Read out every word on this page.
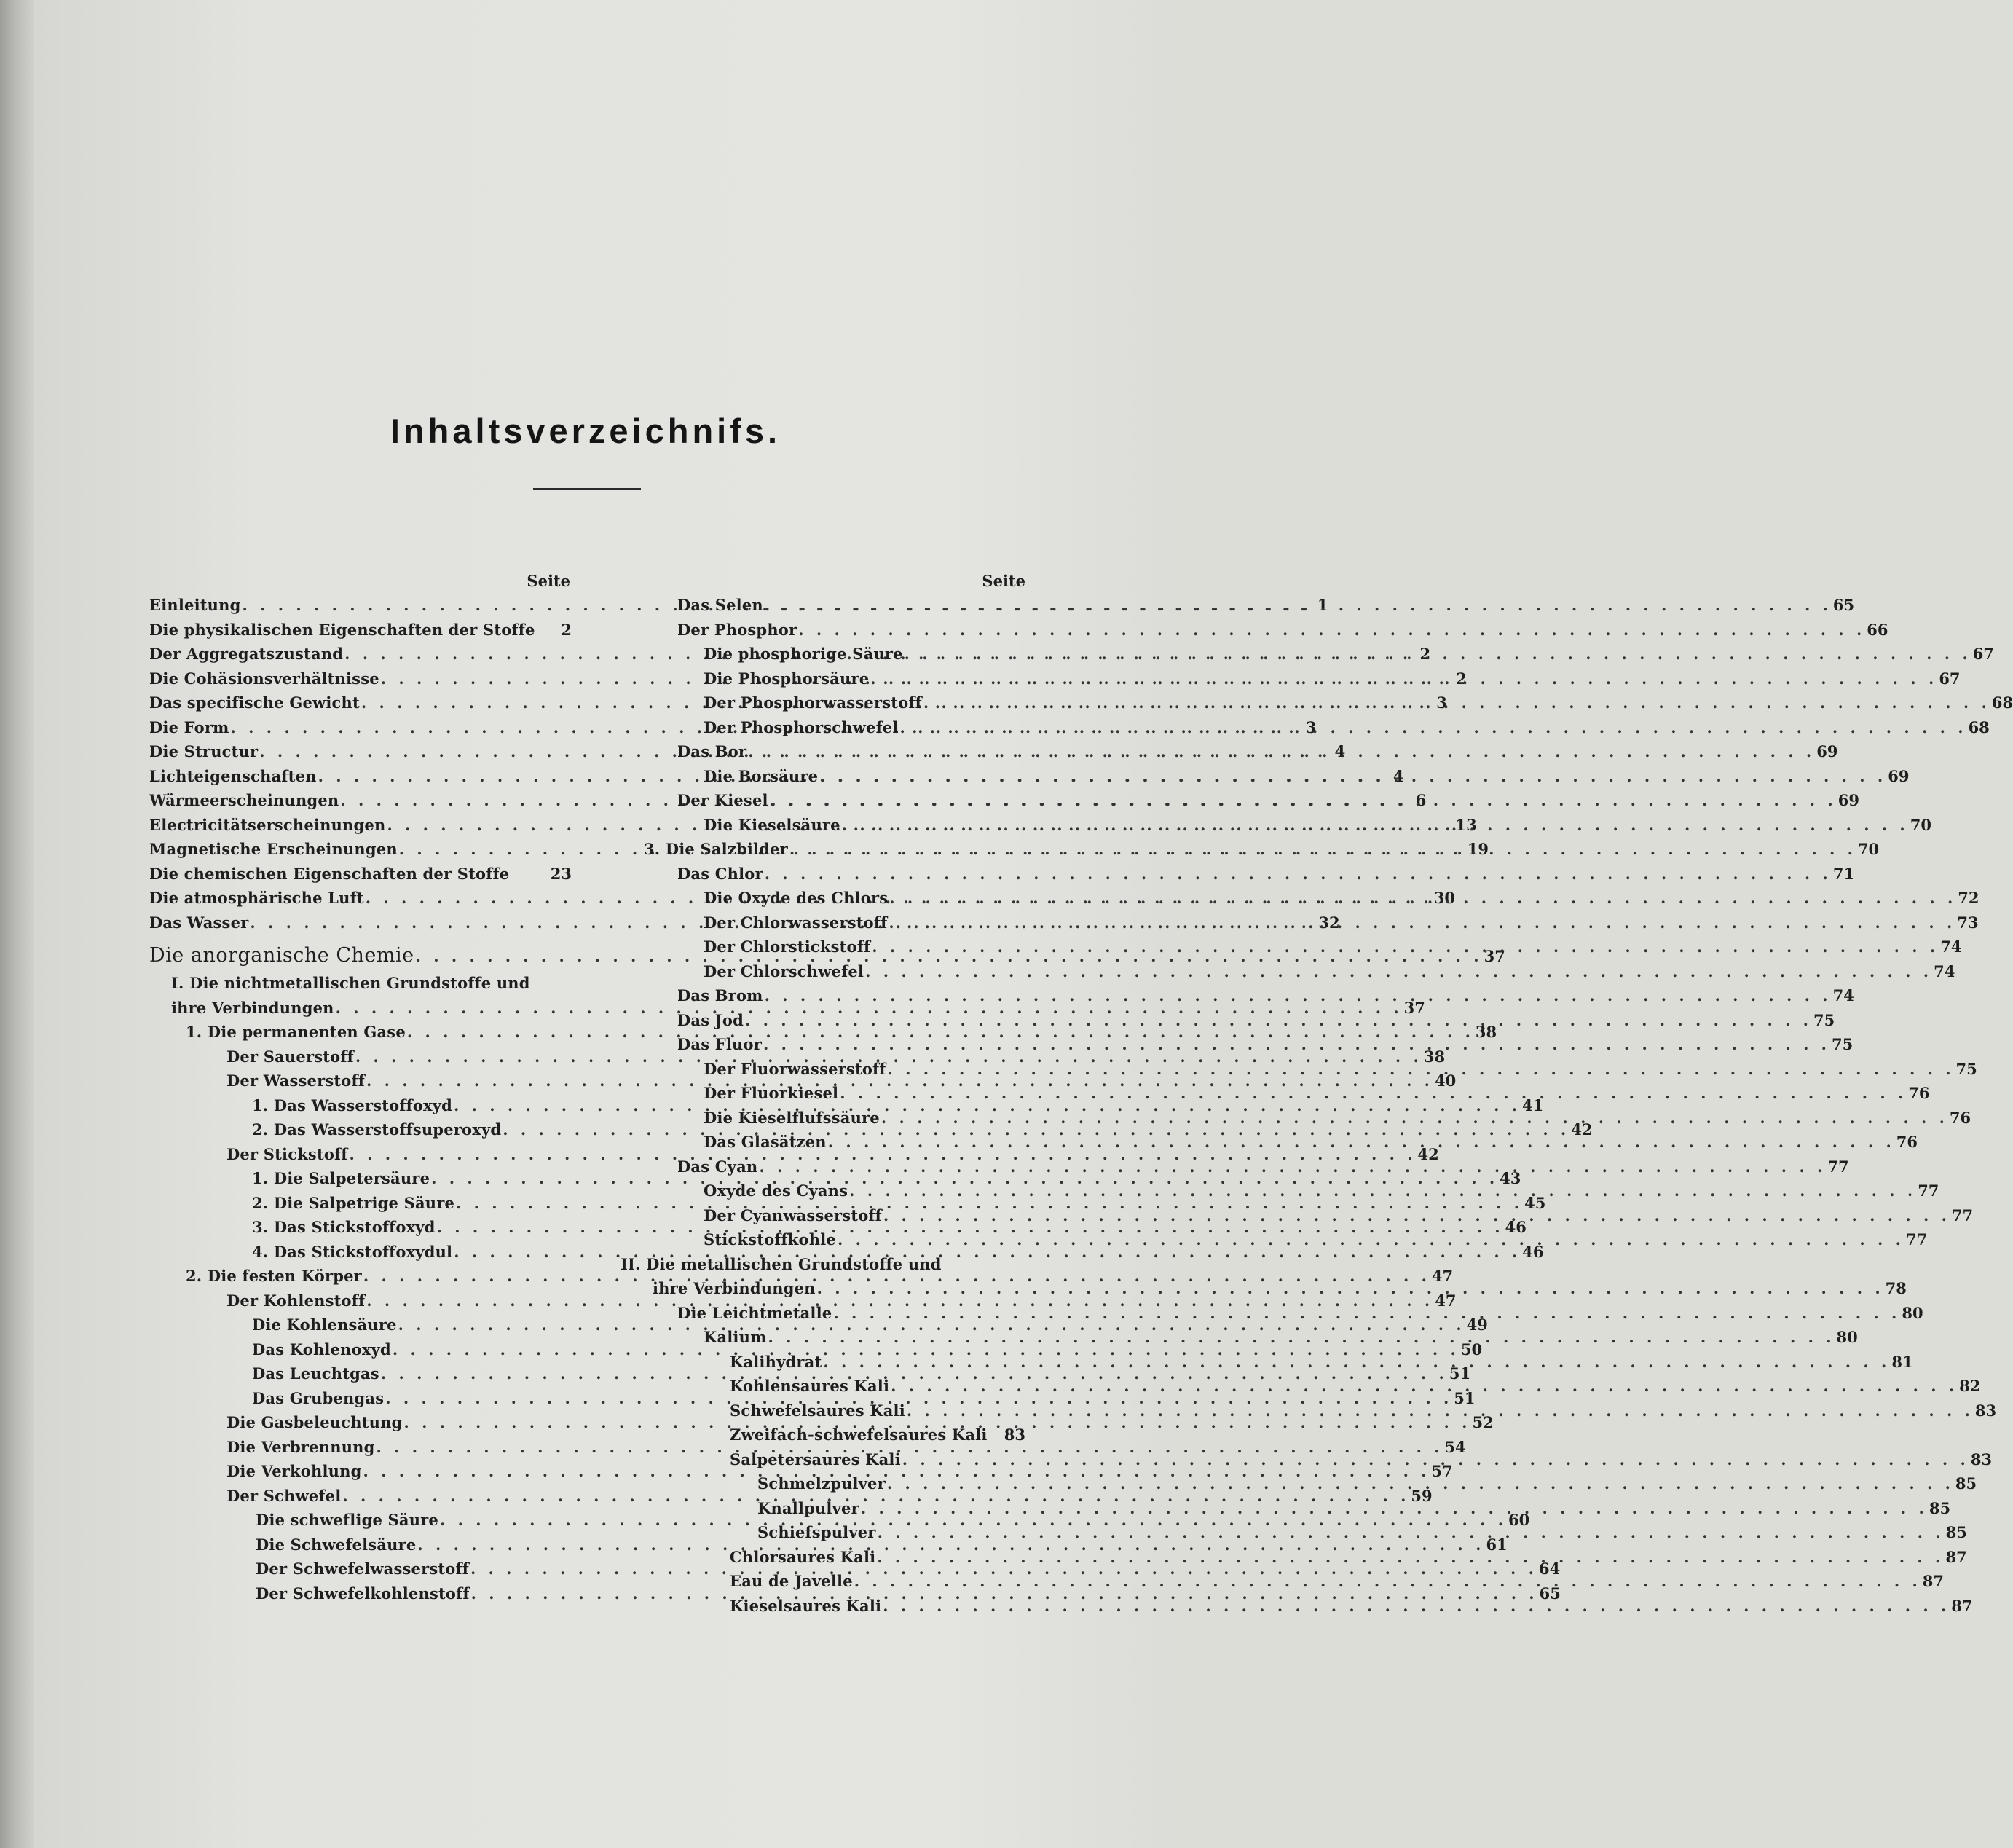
Inhaltsverzeichnifs.
Seite
Einleitung . . .	1
Die physikalischen Eigenschaften der Stoffe	2
Der Aggregatszustand . . .	2
Die Cohäsionsverhältnisse . . .	2
Das specifische Gewicht . . .	3
Die Form . . .	3
Die Structur . . .	4
Lichteigenschaften . . .	4
Wärmeerscheinungen . . .	6
Electricitätserscheinungen . . .	13
Magnetische Erscheinungen . . .	19
Die chemischen Eigenschaften der Stoffe	23
Die atmosphärische Luft . . .	30
Das Wasser . . .	32
Die anorganische Chemie . . .	37
I. Die nichtmetallischen Grundstoffe und
ihre Verbindungen . . .	37
1. Die permanenten Gase . . .	38
Der Sauerstoff . . .	38
Der Wasserstoff . . .	40
1. Das Wasserstoffoxyd . . .	41
2. Das Wasserstoffsuperoxyd . . .	42
Der Stickstoff . . .	42
1. Die Salpetersäure . . .	43
2. Die Salpetrige Säure . . .	45
3. Das Stickstoffoxyd . . .	46
4. Das Stickstoffoxydul . . .	46
2. Die festen Körper . . .	47
Der Kohlenstoff . . .	47
Die Kohlensäure . . .	49
Das Kohlenoxyd . . .	50
Das Leuchtgas . . .	51
Das Grubengas . . .	51
Die Gasbeleuchtung . . .	52
Die Verbrennung . . .	54
Die Verkohlung . . .	57
Der Schwefel . . .	59
Die schweflige Säure . . .	60
Die Schwefelsäure . . .	61
Der Schwefelwasserstoff . . .	64
Der Schwefelkohlenstoff . . .	65
Seite
Das Selen . . .	65
Der Phosphor . . .	66
Die phosphorige Säure . . .	67
Die Phosphorsäure . . .	67
Der Phosphorwasserstoff . . .	68
Der Phosphorschwefel . . .	68
Das Bor . . .	69
Die Borsäure . . .	69
Der Kiesel . . .	69
Die Kieselsäure . . .	70
3. Die Salzbilder . . .	70
Das Chlor . . .	71
Die Oxyde des Chlors . . .	72
Der Chlorwasserstoff . . .	73
Der Chlorstickstoff . . .	74
Der Chlorschwefel . . .	74
Das Brom . . .	74
Das Jod . . .	75
Das Fluor . . .	75
Der Fluorwasserstoff . . .	75
Der Fluorkiesel . . .	76
Die Kieselflufssäure . . .	76
Das Glasätzen . . .	76
Das Cyan . . .	77
Oxyde des Cyans . . .	77
Der Cyanwasserstoff . . .	77
Stickstoffkohle . . .	77
II. Die metallischen Grundstoffe und
ihre Verbindungen . . .	78
Die Leichtmetalle . . .	80
Kalium . . .	80
Kalihydrat . . .	81
Kohlensaures Kali . . .	82
Schwefelsaures Kali . . .	83
Zweifach-schwefelsaures Kali	83
Salpetersaures Kali . . .	83
Schmelzpulver . . .	85
Knallpulver . . .	85
Schiefspulver . . .	85
Chlorsaures Kali . . .	87
Eau de Javelle . . .	87
Kieselsaures Kali . . .	87
